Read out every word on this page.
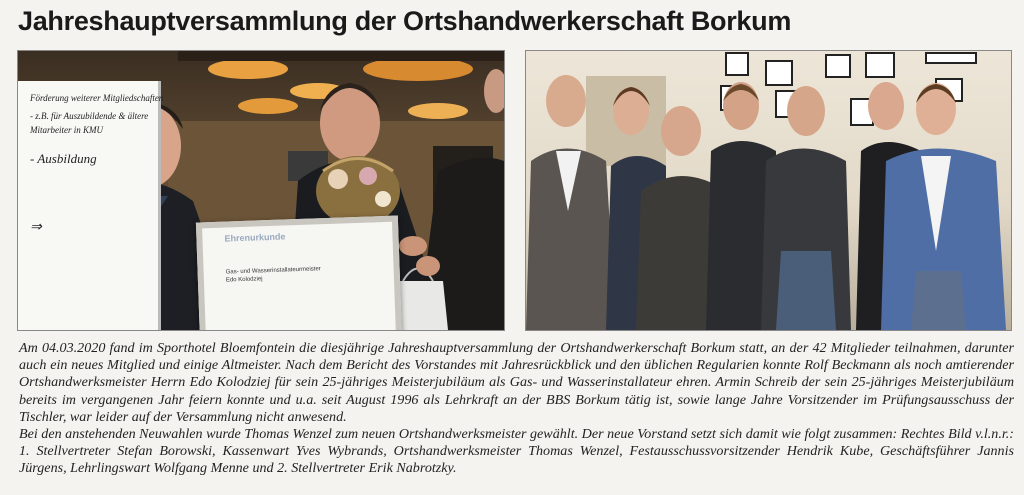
Jahreshauptversammlung der Ortshandwerkerschaft Borkum
Förderung weiterer Mitgliedschaften
- z.B. für Auszubildende & ältere
Mitarbeiter in KMU
- Ausbildung
⇒
Ehrenurkunde
Gas- und Wasserinstallateurmeister
Edo Kolodziej

Am 04.03.2020 fand im Sporthotel Bloemfontein die diesjährige Jahreshauptversammlung der Ortshandwerkerschaft Borkum statt, an der 42 Mitglieder teilnahmen, darunter auch ein neues Mitglied und einige Altmeister. Nach dem Bericht des Vorstandes mit Jahresrückblick und den üblichen Regularien konnte Rolf Beckmann als noch amtierender Ortshandwerksmeister Herrn Edo Kolodziej für sein 25-jähriges Meisterjubiläum als Gas- und Wasserinstallateur ehren. Armin Schreib der sein 25-jähriges Meisterjubiläum bereits im vergangenen Jahr feiern konnte und u.a. seit August 1996 als Lehrkraft an der BBS Borkum tätig ist, sowie lange Jahre Vorsitzender im Prüfungsausschuss der Tischler, war leider auf der Versammlung nicht anwesend.

Bei den anstehenden Neuwahlen wurde Thomas Wenzel zum neuen Ortshandwerksmeister gewählt. Der neue Vorstand setzt sich damit wie folgt zusammen: Rechtes Bild v.l.n.r.: 1. Stellvertreter Stefan Borowski, Kassenwart Yves Wybrands, Ortshandwerksmeister Thomas Wenzel, Festausschussvorsitzender Hendrik Kube, Geschäftsführer Jannis Jürgens, Lehrlingswart Wolfgang Menne und 2. Stellvertreter Erik Nabrotzky.
